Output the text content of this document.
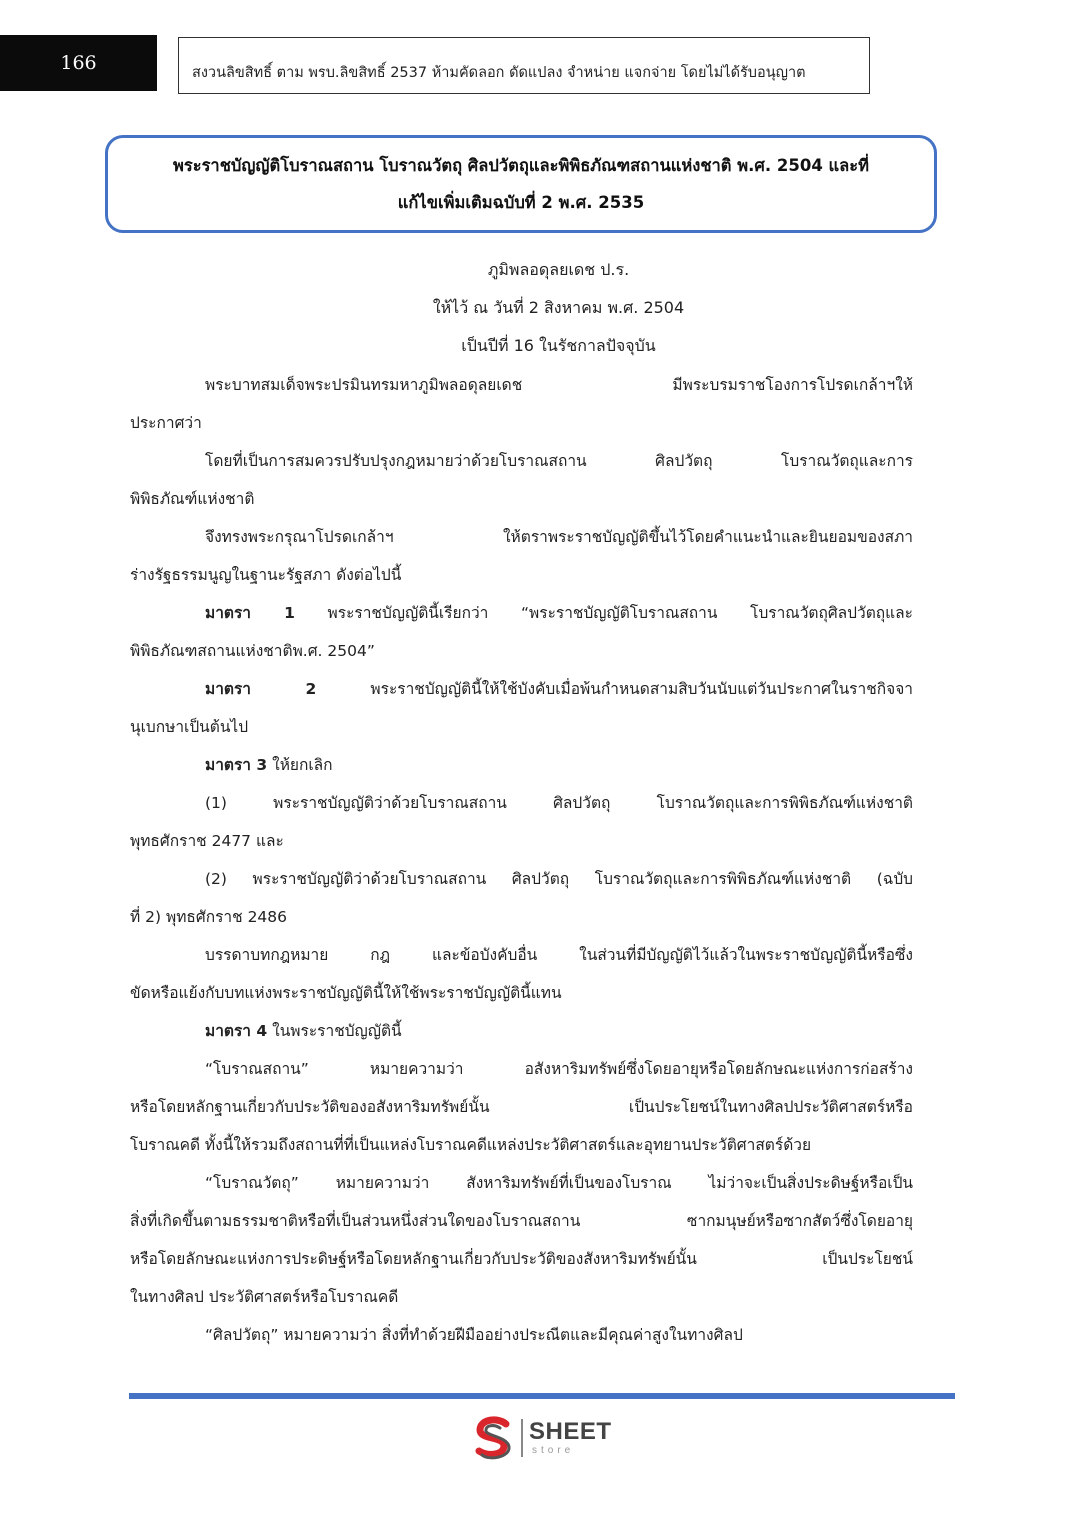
166	สงวนลิขสิทธิ์ ตาม พรบ.ลิขสิทธิ์ 2537 ห้ามคัดลอก ดัดแปลง จำหน่าย แจกจ่าย โดยไม่ได้รับอนุญาต
พระราชบัญญัติโบราณสถาน โบราณวัตถุ ศิลปวัตถุและพิพิธภัณฑสถานแห่งชาติ พ.ศ. 2504 และที่
แก้ไขเพิ่มเติมฉบับที่ 2 พ.ศ. 2535
ภูมิพลอดุลยเดช ป.ร.
ให้ไว้ ณ วันที่ 2 สิงหาคม พ.ศ. 2504
เป็นปีที่ 16 ในรัชกาลปัจจุบัน
พระบาทสมเด็จพระปรมินทรมหาภูมิพลอดุลยเดช มีพระบรมราชโองการโปรดเกล้าฯให้
ประกาศว่า
โดยที่เป็นการสมควรปรับปรุงกฎหมายว่าด้วยโบราณสถาน ศิลปวัตถุ โบราณวัตถุและการ
พิพิธภัณฑ์แห่งชาติ
จึงทรงพระกรุณาโปรดเกล้าฯ ให้ตราพระราชบัญญัติขึ้นไว้โดยคำแนะนำและยินยอมของสภา
ร่างรัฐธรรมนูญในฐานะรัฐสภา ดังต่อไปนี้
มาตรา 1 พระราชบัญญัตินี้เรียกว่า “พระราชบัญญัติโบราณสถาน โบราณวัตถุศิลปวัตถุและ
พิพิธภัณฑสถานแห่งชาติพ.ศ. 2504”
มาตรา 2 พระราชบัญญัตินี้ให้ใช้บังคับเมื่อพ้นกำหนดสามสิบวันนับแต่วันประกาศในราชกิจจา
นุเบกษาเป็นต้นไป
มาตรา 3 ให้ยกเลิก
(1) พระราชบัญญัติว่าด้วยโบราณสถาน ศิลปวัตถุ โบราณวัตถุและการพิพิธภัณฑ์แห่งชาติ
พุทธศักราช 2477 และ
(2) พระราชบัญญัติว่าด้วยโบราณสถาน ศิลปวัตถุ โบราณวัตถุและการพิพิธภัณฑ์แห่งชาติ (ฉบับ
ที่ 2) พุทธศักราช 2486
บรรดาบทกฎหมาย กฎ และข้อบังคับอื่น ในส่วนที่มีบัญญัติไว้แล้วในพระราชบัญญัตินี้หรือซึ่ง
ขัดหรือแย้งกับบทแห่งพระราชบัญญัตินี้ให้ใช้พระราชบัญญัตินี้แทน
มาตรา 4 ในพระราชบัญญัตินี้
“โบราณสถาน” หมายความว่า อสังหาริมทรัพย์ซึ่งโดยอายุหรือโดยลักษณะแห่งการก่อสร้าง
หรือโดยหลักฐานเกี่ยวกับประวัติของอสังหาริมทรัพย์นั้น เป็นประโยชน์ในทางศิลปประวัติศาสตร์หรือ
โบราณคดี ทั้งนี้ให้รวมถึงสถานที่ที่เป็นแหล่งโบราณคดีแหล่งประวัติศาสตร์และอุทยานประวัติศาสตร์ด้วย
“โบราณวัตถุ” หมายความว่า สังหาริมทรัพย์ที่เป็นของโบราณ ไม่ว่าจะเป็นสิ่งประดิษฐ์หรือเป็น
สิ่งที่เกิดขึ้นตามธรรมชาติหรือที่เป็นส่วนหนึ่งส่วนใดของโบราณสถาน ซากมนุษย์หรือซากสัตว์ซึ่งโดยอายุ
หรือโดยลักษณะแห่งการประดิษฐ์หรือโดยหลักฐานเกี่ยวกับประวัติของสังหาริมทรัพย์นั้น เป็นประโยชน์
ในทางศิลป ประวัติศาสตร์หรือโบราณคดี
“ศิลปวัตถุ” หมายความว่า สิ่งที่ทำด้วยฝีมืออย่างประณีตและมีคุณค่าสูงในทางศิลป
SHEET
store
